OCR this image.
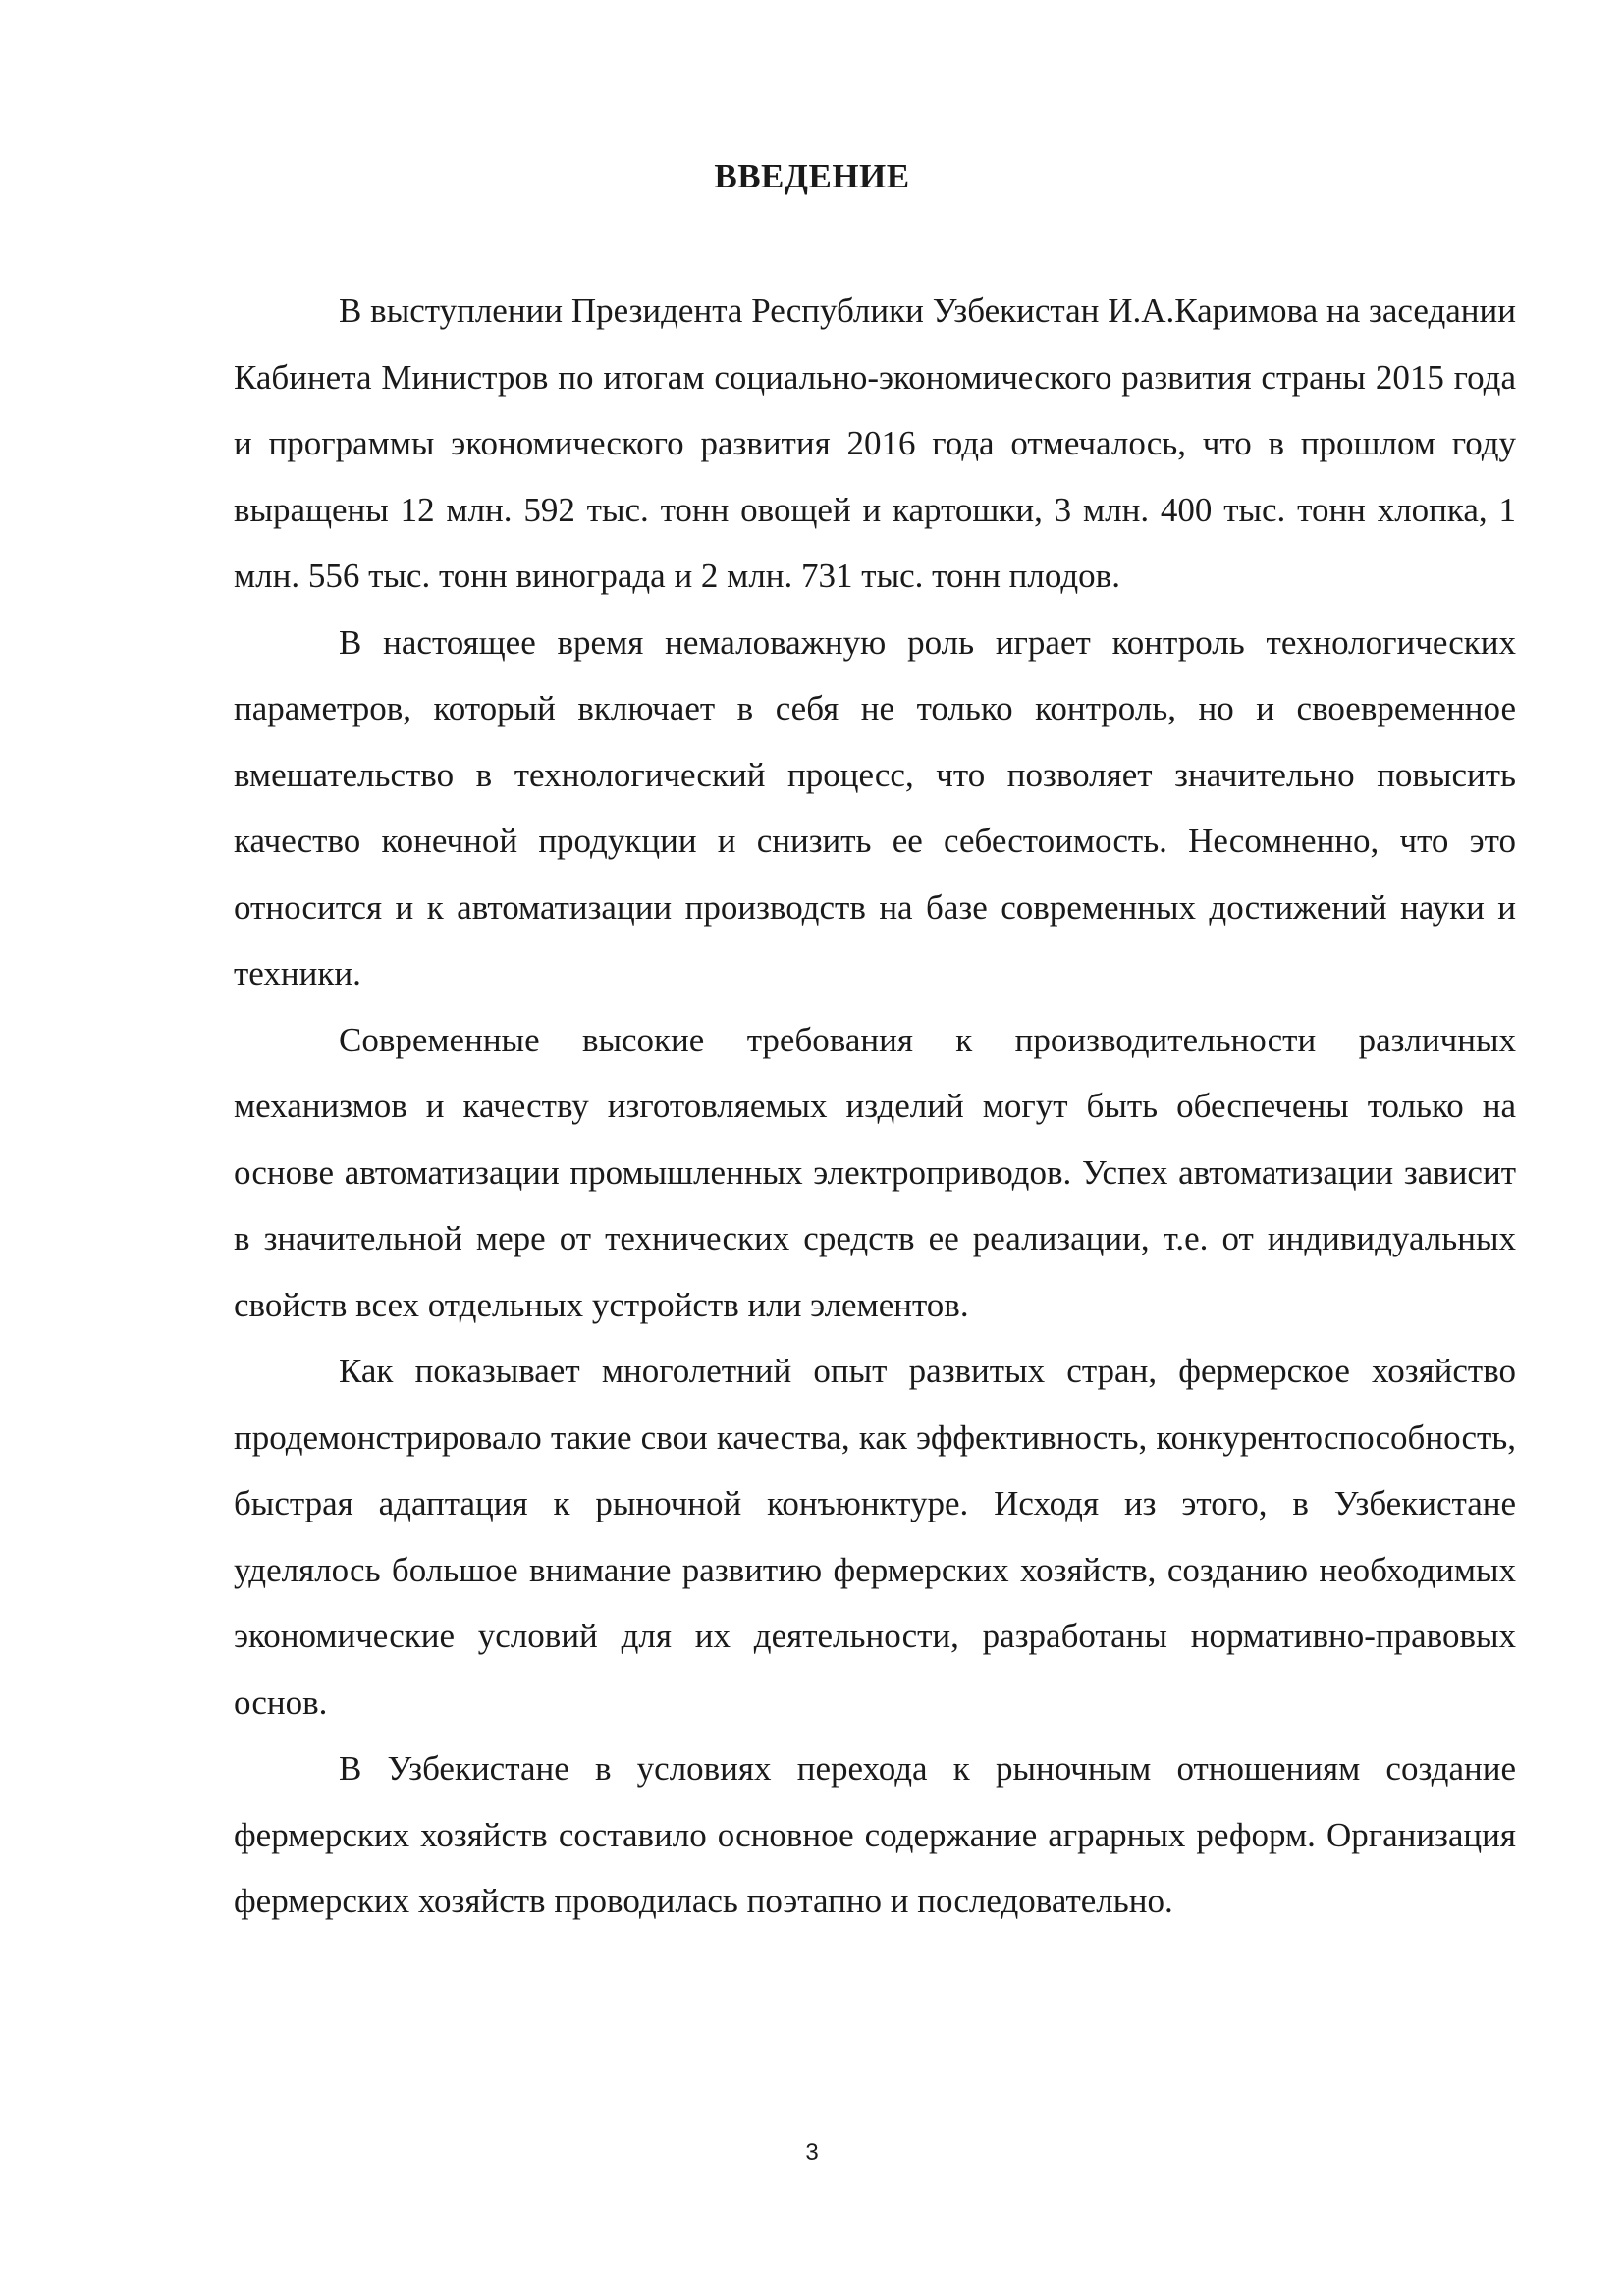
ВВЕДЕНИЕ

В выступлении Президента Республики Узбекистан И.А.Каримова на заседании Кабинета Министров по итогам социально-экономического развития страны 2015 года и программы экономического развития 2016 года отмечалось, что в прошлом году выращены 12 млн. 592 тыс. тонн овощей и картошки, 3 млн. 400 тыс. тонн хлопка, 1 млн. 556 тыс. тонн винограда и 2 млн. 731 тыс. тонн плодов.

В настоящее время немаловажную роль играет контроль технологических параметров, который включает в себя не только контроль, но и своевременное вмешательство в технологический процесс, что позволяет значительно повысить качество конечной продукции и снизить ее себестоимость. Несомненно, что это относится и к автоматизации производств на базе современных достижений науки и техники.

Современные высокие требования к производительности различных механизмов и качеству изготовляемых изделий могут быть обеспечены только на основе автоматизации промышленных электроприводов. Успех автоматизации зависит в значительной мере от технических средств ее реализации, т.е. от индивидуальных свойств всех отдельных устройств или элементов.

Как показывает многолетний опыт развитых стран, фермерское хозяйство продемонстрировало такие свои качества, как эффективность, конкурентоспособность, быстрая адаптация к рыночной конъюнктуре. Исходя из этого, в Узбекистане уделялось большое внимание развитию фермерских хозяйств, созданию необходимых экономические условий для их деятельности, разработаны нормативно-правовых основ.

В Узбекистане в условиях перехода к рыночным отношениям создание фермерских хозяйств составило основное содержание аграрных реформ. Организация фермерских хозяйств проводилась поэтапно и последовательно.

3
